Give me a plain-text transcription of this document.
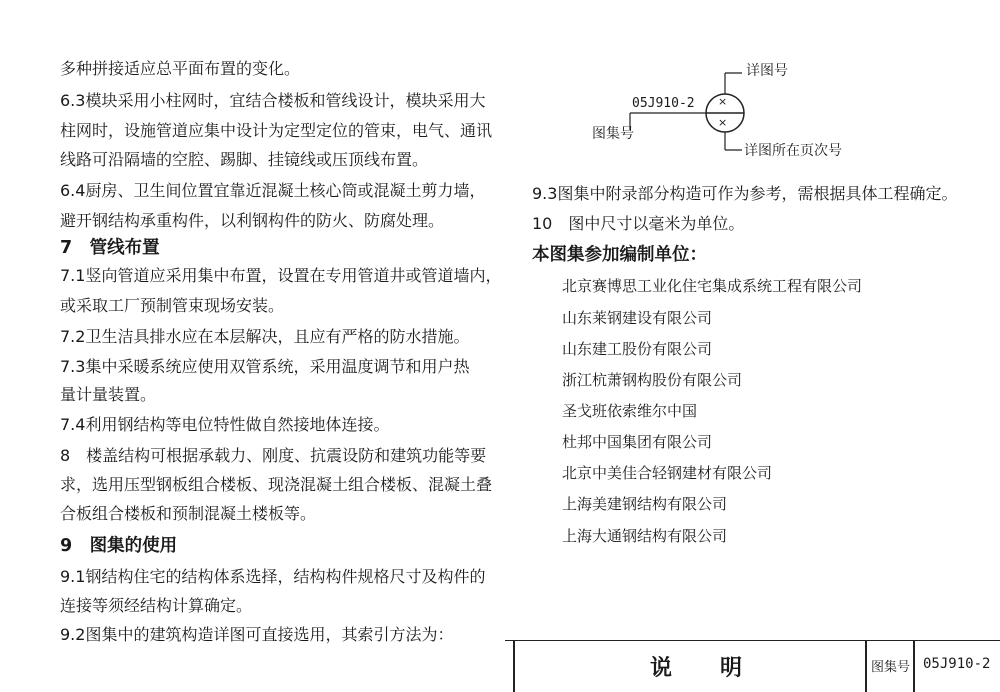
多种拼接适应总平面布置的变化。
6.3模块采用小柱网时，宜结合楼板和管线设计，模块采用大
柱网时，设施管道应集中设计为定型定位的管束，电气、通讯
线路可沿隔墙的空腔、踢脚、挂镜线或压顶线布置。
6.4厨房、卫生间位置宜靠近混凝土核心筒或混凝土剪力墙，
避开钢结构承重构件，以利钢构件的防火、防腐处理。
7　管线布置
7.1竖向管道应采用集中布置，设置在专用管道井或管道墙内，
或采取工厂预制管束现场安装。
7.2卫生洁具排水应在本层解决，且应有严格的防水措施。
7.3集中采暖系统应使用双管系统，采用温度调节和用户热
量计量装置。
7.4利用钢结构等电位特性做自然接地体连接。
8　楼盖结构可根据承载力、刚度、抗震设防和建筑功能等要
求，选用压型钢板组合楼板、现浇混凝土组合楼板、混凝土叠
合板组合楼板和预制混凝土楼板等。
9　图集的使用
9.1钢结构住宅的结构体系选择，结构构件规格尺寸及构件的
连接等须经结构计算确定。
9.2图集中的建筑构造详图可直接选用，其索引方法为：
×
×
详图号
05J910-2
图集号
详图所在页次号
9.3图集中附录部分构造可作为参考，需根据具体工程确定。
10　图中尺寸以毫米为单位。
本图集参加编制单位：
北京赛博思工业化住宅集成系统工程有限公司
山东莱钢建设有限公司
山东建工股份有限公司
浙江杭萧钢构股份有限公司
圣戈班依索维尔中国
杜邦中国集团有限公司
北京中美佳合轻钢建材有限公司
上海美建钢结构有限公司
上海大通钢结构有限公司
说明	图集号 05J910-2
